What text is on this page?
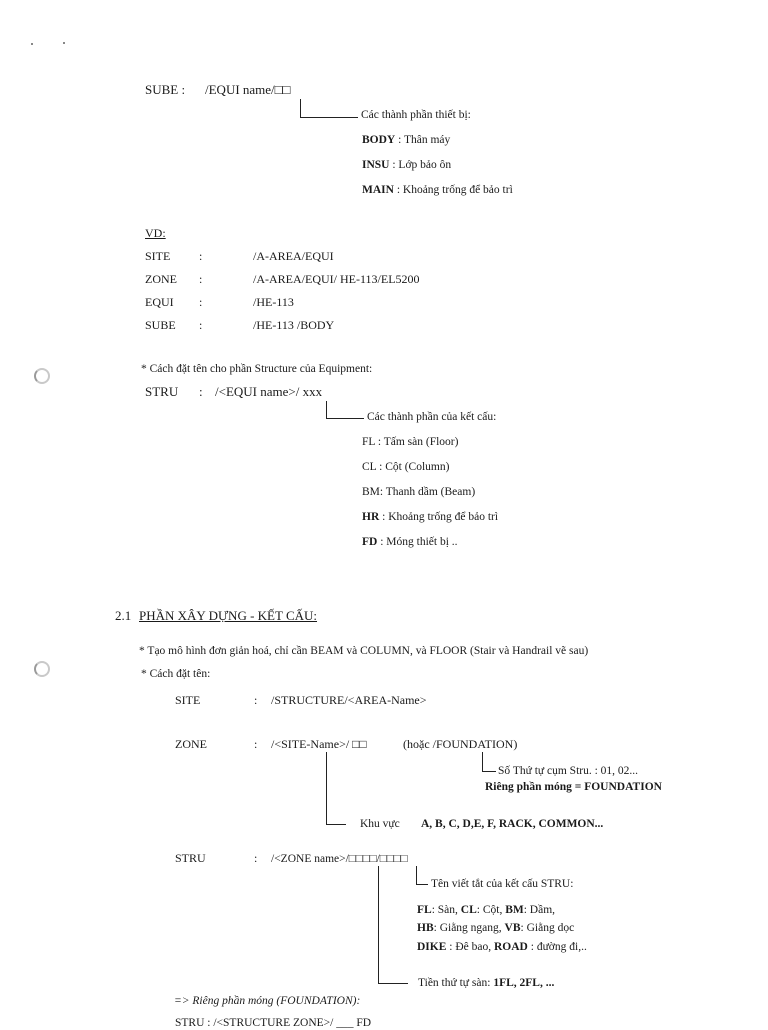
SUBE : /EQUI name/□□
Các thành phần thiết bị:
BODY : Thân máy
INSU : Lớp bảo ôn
MAIN : Khoảng trống để bảo trì
VD:
SITE :	/A-AREA/EQUI
ZONE :	/A-AREA/EQUI/ HE-113/EL5200
EQUI :	/HE-113
SUBE :	/HE-113 /BODY
* Cách đặt tên cho phần Structure của Equipment:
STRU : /<EQUI name>/ xxx
Các thành phần của kết cấu:
FL : Tấm sàn (Floor)
CL : Cột (Column)
BM: Thanh dầm (Beam)
HR : Khoảng trống để bảo trì
FD : Móng thiết bị ..
2.1 PHẦN XÂY DỰNG - KẾT CẤU:
* Tạo mô hình đơn giản hoá, chỉ cần BEAM và COLUMN, và FLOOR (Stair và Handrail vẽ sau)
* Cách đặt tên:
SITE	: /STRUCTURE/<AREA-Name>
ZONE	: /<SITE-Name>/ □□	(hoặc /FOUNDATION)
Số Thứ tự cụm Stru. : 01, 02...
Riêng phần móng = FOUNDATION
Khu vực A, B, C, D,E, F, RACK, COMMON...
STRU	: /<ZONE name>/□□□□/□□□□
Tên viết tắt của kết cấu STRU:
FL: Sàn, CL: Cột, BM: Dầm,
HB: Giằng ngang, VB: Giằng dọc
DIKE : Đê bao, ROAD : đường đi,..
Tiền thứ tự sàn: 1FL, 2FL, ...
=> Riêng phần móng (FOUNDATION):
STRU : /<STRUCTURE ZONE>/ ___ FD
